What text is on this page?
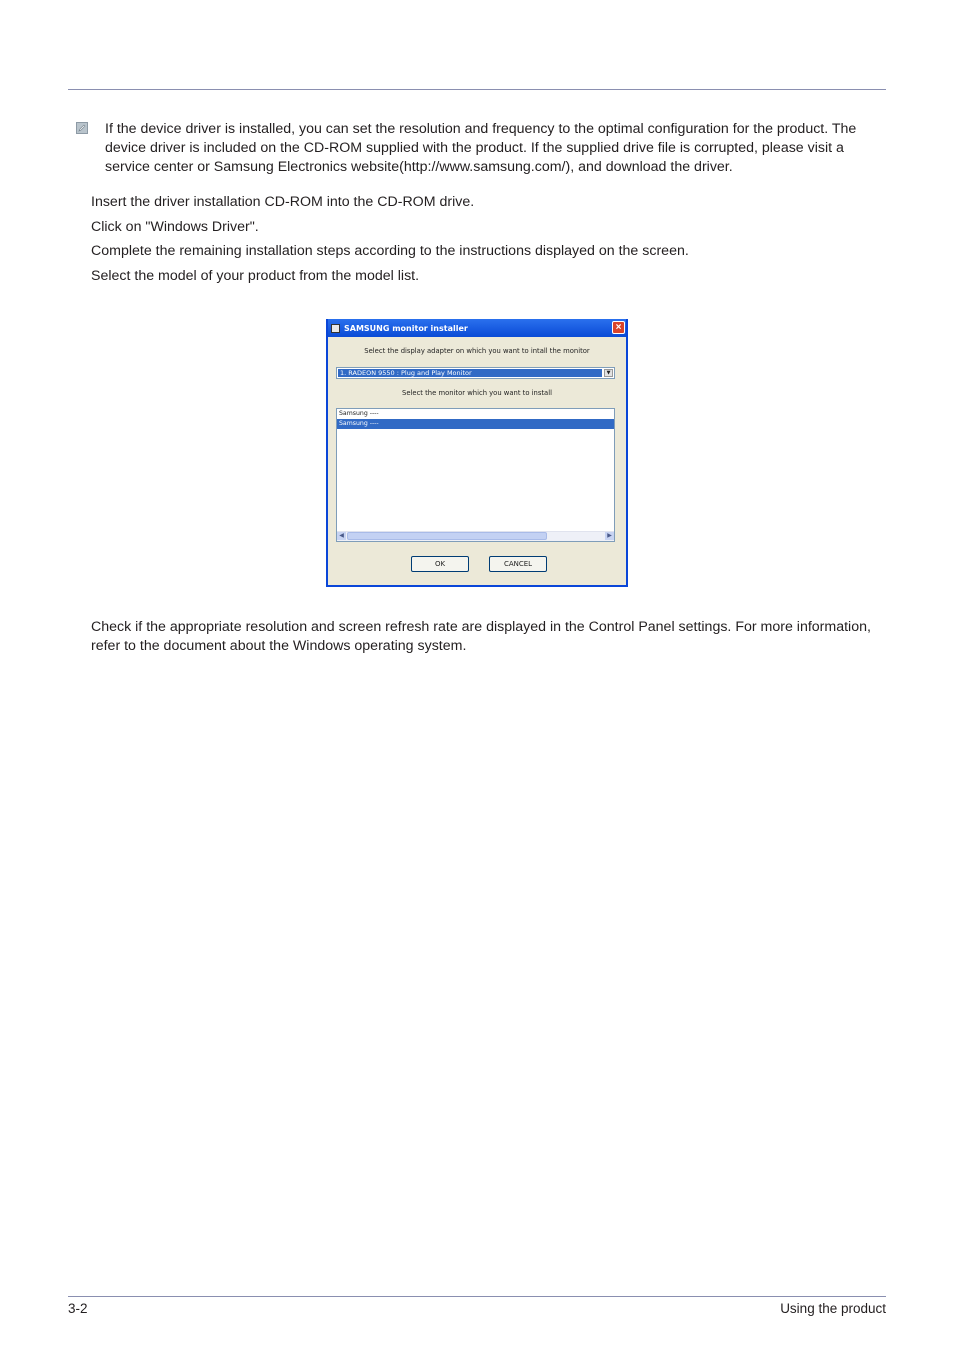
If the device driver is installed, you can set the resolution and frequency to the optimal configuration for the product. The device driver is included on the CD-ROM supplied with the product. If the supplied drive file is corrupted, please visit a service center or Samsung Electronics website(http://www.samsung.com/), and download the driver.
Insert the driver installation CD-ROM into the CD-ROM drive.
Click on "Windows Driver".
Complete the remaining installation steps according to the instructions displayed on the screen.
Select the model of your product from the model list.
SAMSUNG monitor installer	×
Select the display adapter on which you want to intall the monitor
1. RADEON 9550 : Plug and Play Monitor	▼
Select the monitor which you want to install
Samsung ----
Samsung ----
◀	▶
OK	CANCEL
Check if the appropriate resolution and screen refresh rate are displayed in the Control Panel settings. For more information, refer to the document about the Windows operating system.
3-2	Using the product
